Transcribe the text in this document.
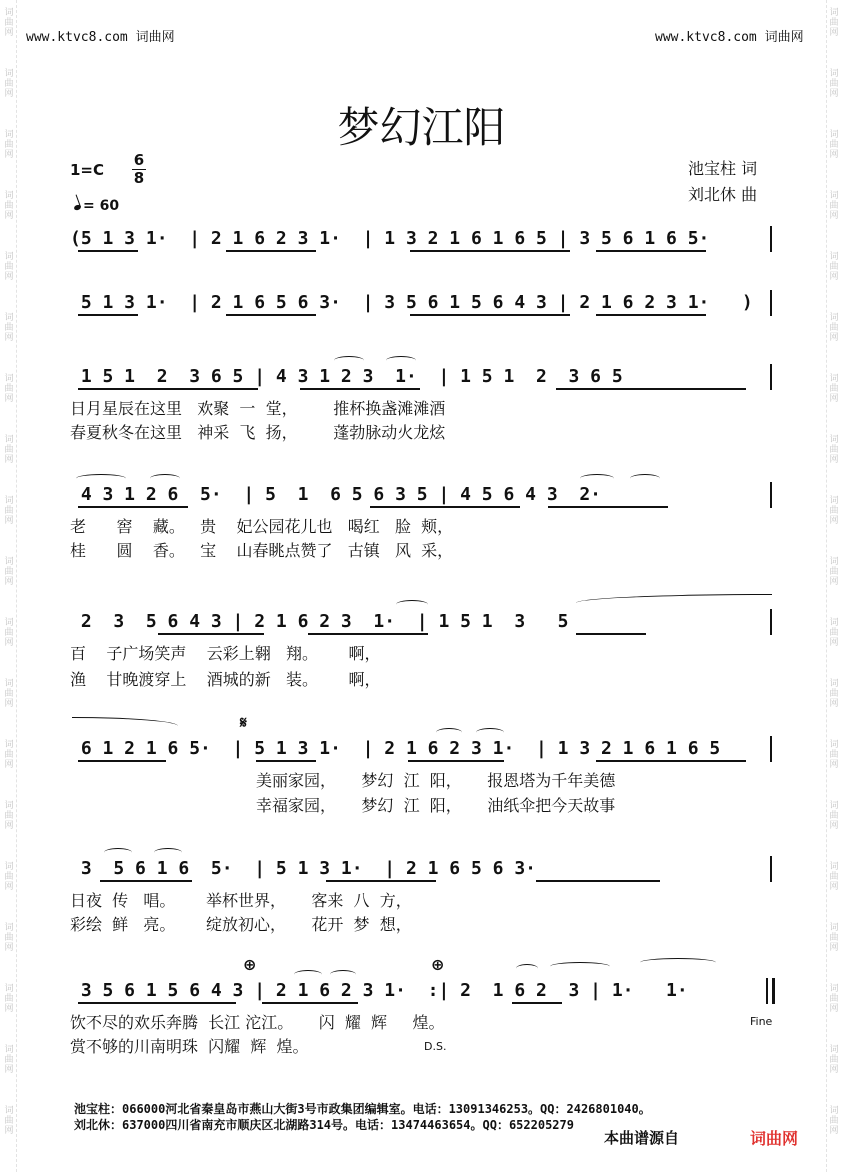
词曲网
词曲网
词曲网
词曲网
词曲网
词曲网
词曲网
词曲网
词曲网
词曲网
词曲网
词曲网
词曲网
词曲网
词曲网
词曲网
词曲网
词曲网
词曲网
词曲网
词曲网
词曲网
词曲网
词曲网
词曲网
词曲网
词曲网
词曲网
词曲网
词曲网
词曲网
词曲网
词曲网
词曲网
词曲网
词曲网
词曲网
词曲网
www.ktvc8.com 词曲网	www.ktvc8.com 词曲网
梦幻江阳
$1=C \frac{6}{8}$
= 60
池宝柱 词
刘北休 曲
(5 1 3 1·  | 2 1 6 2 3 1·  | 1 3 2 1 6 1 6 5 | 3 5 6 1 6 5·
5 1 3 1·  | 2 1 6 5 6 3·  | 3 5 6 1 5 6 4 3 | 2 1 6 2 3 1·   )
1 5 1  2  3 6 5 | 4 3 1 2 3  1·  | 1 5 1  2  3 6 5
日月星辰在这里   欢聚  一  堂，       推杯换盏滩滩酒
春夏秋冬在这里   神采  飞  扬，       蓬勃脉动火龙炫
4 3 1 2 6  5·  | 5  1  6 5 6 3 5 | 4 5 6 4 3  2·
老      窖    藏。   贵    妃公园花儿也   喝红   脸  颊，
桂      圆    香。   宝    山春眺点赞了   古镇   风  采，
2  3  5 6 4 3 | 2 1 6 2 3  1·  | 1 5 1  3   5
百    子广场笑声    云彩上翱   翔。      啊，
渔    甘晚渡穿上    酒城的新   装。      啊，
𝄋
6 1 2 1 6 5·  | 5 1 3 1·  | 2 1 6 2 3 1·  | 1 3 2 1 6 1 6 5
美丽家园，     梦幻  江  阳，     报恩塔为千年美德
幸福家园，     梦幻  江  阳，     油纸伞把今天故事
3  5 6 1 6  5·  | 5 1 3 1·  | 2 1 6 5 6 3·
日夜  传   唱。      举杯世界，     客来  八  方，
彩绘  鲜   亮。      绽放初心，     花开  梦  想，
⊕	⊕
3 5 6 1 5 6 4 3 | 2 1 6 2 3 1·  :| 2  1 6 2  3 | 1·   1·
饮不尽的欢乐奔腾  长江 沱江。     闪  耀  辉     煌。
赏不够的川南明珠  闪耀  辉  煌。	D.S.
Fine
池宝柱：066000河北省秦皇岛市燕山大街3号市政集团编辑室。电话：13091346253。QQ：2426801040。
刘北休：637000四川省南充市顺庆区北湖路314号。电话：13474463654。QQ：652205279
本曲谱源自	词曲网
